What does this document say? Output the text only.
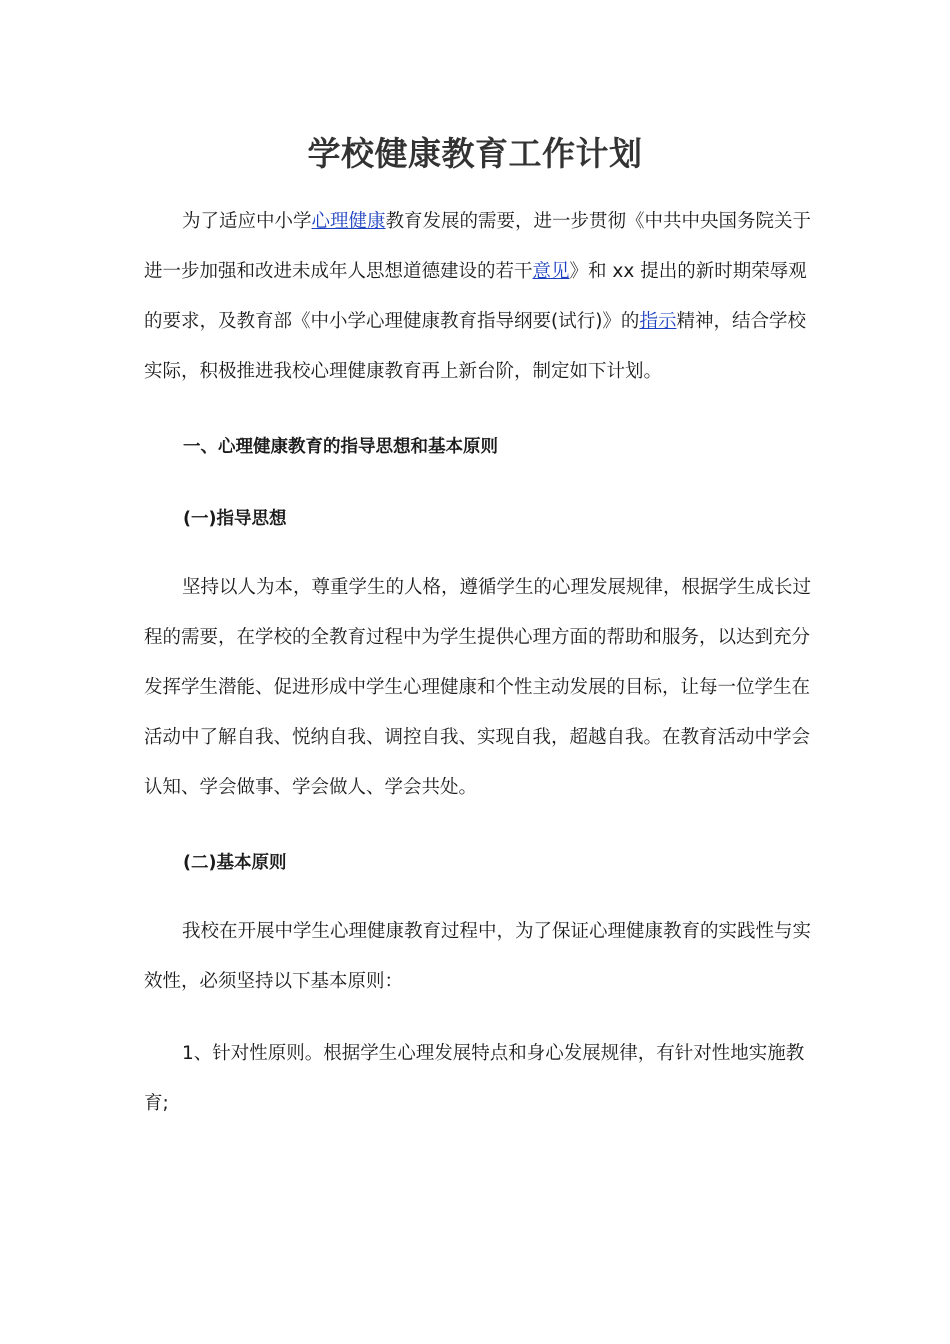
学校健康教育工作计划
为了适应中小学心理健康教育发展的需要，进一步贯彻《中共中央国务院关于进一步加强和改进未成年人思想道德建设的若干意见》和 xx 提出的新时期荣辱观的要求，及教育部《中小学心理健康教育指导纲要(试行)》的指示精神，结合学校实际，积极推进我校心理健康教育再上新台阶，制定如下计划。
一、心理健康教育的指导思想和基本原则
(一)指导思想
坚持以人为本，尊重学生的人格，遵循学生的心理发展规律，根据学生成长过程的需要，在学校的全教育过程中为学生提供心理方面的帮助和服务，以达到充分发挥学生潜能、促进形成中学生心理健康和个性主动发展的目标，让每一位学生在活动中了解自我、悦纳自我、调控自我、实现自我，超越自我。在教育活动中学会认知、学会做事、学会做人、学会共处。
(二)基本原则
我校在开展中学生心理健康教育过程中，为了保证心理健康教育的实践性与实效性，必须坚持以下基本原则：
1、针对性原则。根据学生心理发展特点和身心发展规律，有针对性地实施教育;
